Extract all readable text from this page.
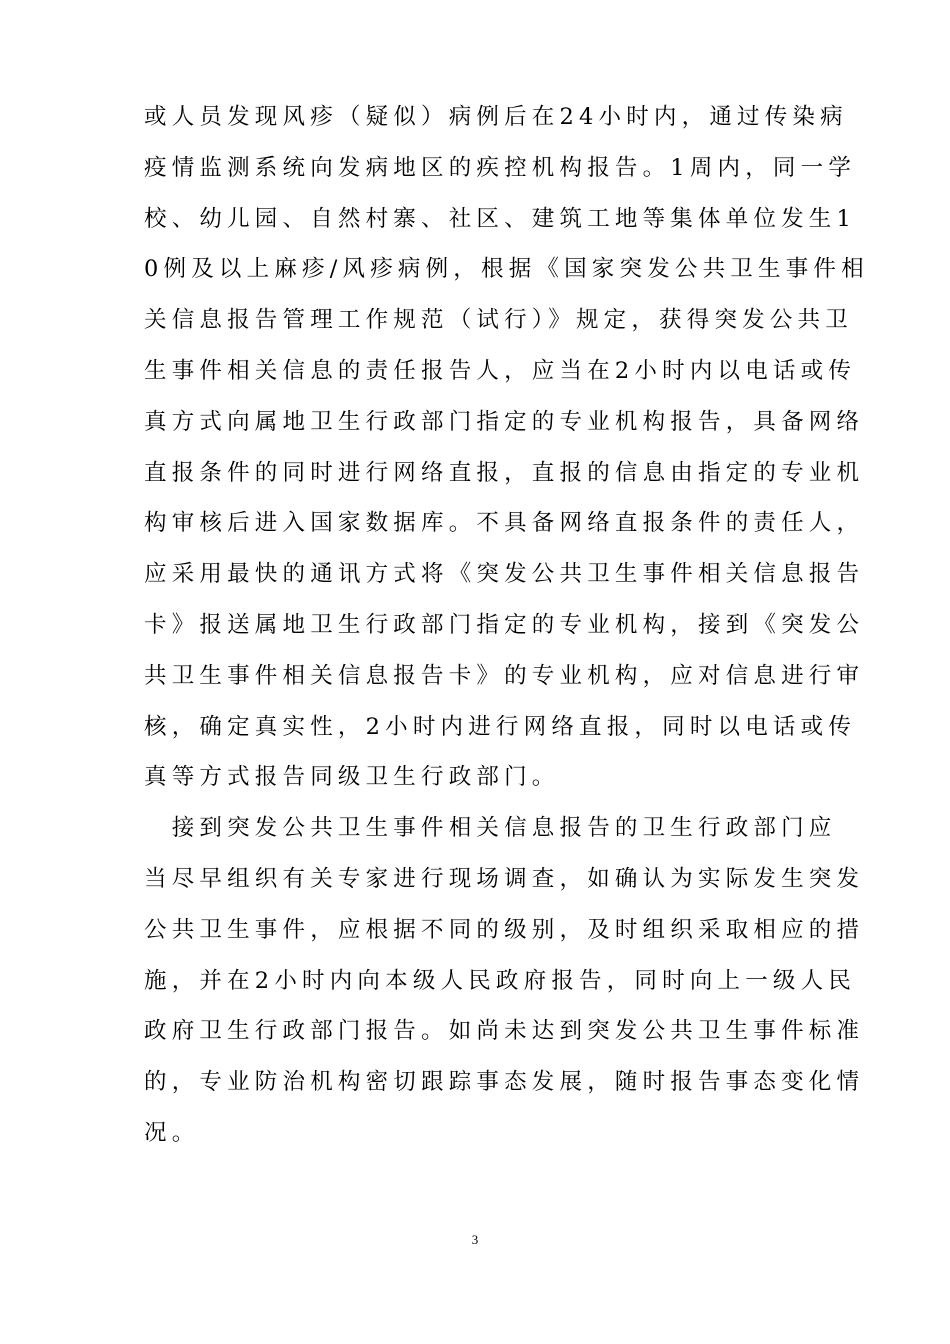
或人员发现风疹（疑似）病例后在24小时内，通过传染病
疫情监测系统向发病地区的疾控机构报告。1周内，同一学
校、幼儿园、自然村寨、社区、建筑工地等集体单位发生1
0例及以上麻疹/风疹病例，根据《国家突发公共卫生事件相
关信息报告管理工作规范（试行）》规定，获得突发公共卫
生事件相关信息的责任报告人，应当在2小时内以电话或传
真方式向属地卫生行政部门指定的专业机构报告，具备网络
直报条件的同时进行网络直报，直报的信息由指定的专业机
构审核后进入国家数据库。不具备网络直报条件的责任人，
应采用最快的通讯方式将《突发公共卫生事件相关信息报告
卡》报送属地卫生行政部门指定的专业机构，接到《突发公
共卫生事件相关信息报告卡》的专业机构，应对信息进行审
核，确定真实性，2小时内进行网络直报，同时以电话或传
真等方式报告同级卫生行政部门。
　接到突发公共卫生事件相关信息报告的卫生行政部门应
当尽早组织有关专家进行现场调查，如确认为实际发生突发
公共卫生事件，应根据不同的级别，及时组织采取相应的措
施，并在2小时内向本级人民政府报告，同时向上一级人民
政府卫生行政部门报告。如尚未达到突发公共卫生事件标准
的，专业防治机构密切跟踪事态发展，随时报告事态变化情
况。
3
